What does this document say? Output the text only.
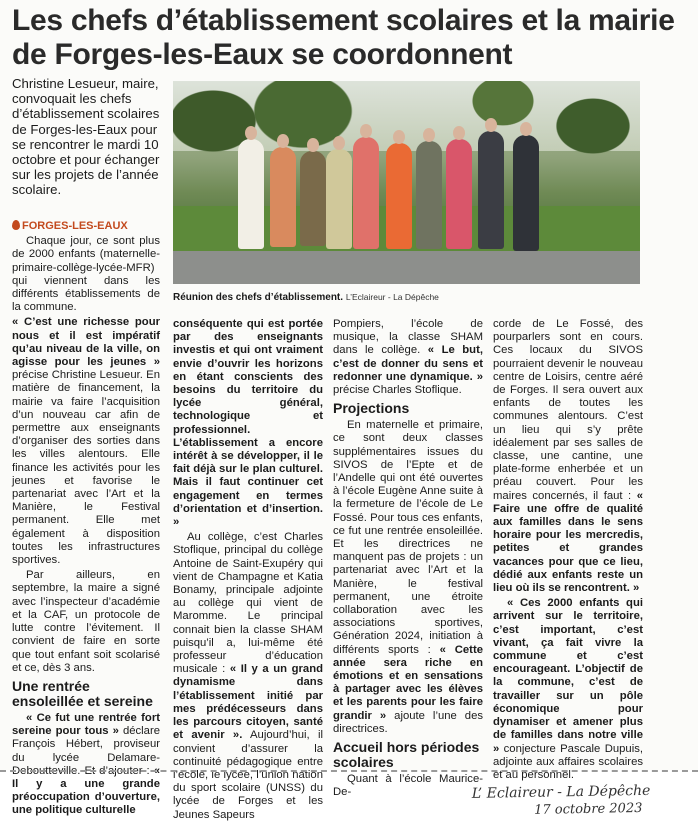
Les chefs d’établissement scolaires et la mairie de Forges-les-Eaux se coordonnent
Christine Lesueur, maire, convoquait les chefs d’établissement scolaires de Forges-les-Eaux pour se rencontrer le mardi 10 octobre et pour échanger sur les projets de l’année scolaire.
Réunion des chefs d’établissement. L’Eclaireur - La Dépêche
FORGES-LES-EAUX

Chaque jour, ce sont plus de 2000 enfants (maternelle-primaire-collège-lycée-MFR) qui viennent dans les différents établissements de la commune.

« C’est une richesse pour nous et il est impératif qu’au niveau de la ville, on agisse pour les jeunes » précise Christine Lesueur. En matière de financement, la mairie va faire l’acquisition d’un nouveau car afin de permettre aux enseignants d’organiser des sorties dans les villes alentours. Elle finance les activités pour les jeunes et favorise le partenariat avec l’Art et la Manière, le Festival permanent. Elle met également à disposition toutes les infrastructures sportives.

Par ailleurs, en septembre, la maire a signé avec l’inspecteur d’académie et la CAF, un protocole de lutte contre l’évitement. Il convient de faire en sorte que tout enfant soit scolarisé et ce, dès 3 ans.

Une rentrée ensoleillée et sereine

« Ce fut une rentrée fort sereine pour tous » déclare François Hébert, proviseur du lycée Delamare-Deboutteville. Et d’ajouter : « Il y a une grande préoccupation d’ouverture, une politique culturelle

conséquente qui est portée par des enseignants investis et qui ont vraiment envie d’ouvrir les horizons en étant conscients des besoins du territoire du lycée général, technologique et professionnel. L’établissement a encore intérêt à se développer, il le fait déjà sur le plan culturel. Mais il faut continuer cet engagement en termes d’orientation et d’insertion. »

Au collège, c’est Charles Stoflique, principal du collège Antoine de Saint-Exupéry qui vient de Champagne et Katia Bonamy, principale adjointe au collège qui vient de Maromme. Le principal connait bien la classe SHAM puisqu’il a, lui-même été professeur d’éducation musicale : « Il y a un grand dynamisme dans l’établissement initié par mes prédécesseurs dans les parcours citoyen, santé et avenir ». Aujourd’hui, il convient d’assurer la continuité pédagogique entre l’école, le lycée, l’union nation du sport scolaire (UNSS) du lycée de Forges et les Jeunes Sapeurs

Pompiers, l’école de musique, la classe SHAM dans le collège. « Le but, c’est de donner du sens et redonner une dynamique. » précise Charles Stoflique.

Projections

En maternelle et primaire, ce sont deux classes supplémentaires issues du SIVOS de l’Epte et de l’Andelle qui ont été ouvertes à l’école Eugène Anne suite à la fermeture de l’école de Le Fossé. Pour tous ces enfants, ce fut une rentrée ensoleillée. Et les directrices ne manquent pas de projets : un partenariat avec l’Art et la Manière, le festival permanent, une étroite collaboration avec les associations sportives, Génération 2024, initiation à différents sports : « Cette année sera riche en émotions et en sensations à partager avec les élèves et les parents pour les faire grandir » ajoute l’une des directrices.

Accueil hors périodes scolaires

Quant à l’école Maurice-De-

corde de Le Fossé, des pourparlers sont en cours. Ces locaux du SIVOS pourraient devenir le nouveau centre de Loisirs, centre aéré de Forges. Il sera ouvert aux enfants de toutes les communes alentours. C’est un lieu qui s’y prête idéalement par ses salles de classe, une cantine, une plate-forme enherbée et un préau couvert. Pour les maires concernés, il faut : « Faire une offre de qualité aux familles dans le sens horaire pour les mercredis, petites et grandes vacances pour que ce lieu, dédié aux enfants reste un lieu où ils se rencontrent. »

« Ces 2000 enfants qui arrivent sur le territoire, c’est important, c’est vivant, ça fait vivre la commune et c’est encourageant. L’objectif de la commune, c’est de travailler sur un pôle économique pour dynamiser et amener plus de familles dans notre ville » conjecture Pascale Dupuis, adjointe aux affaires scolaires et au personnel.

L’ Eclaireur - La Dépêche
17 octobre 2023
